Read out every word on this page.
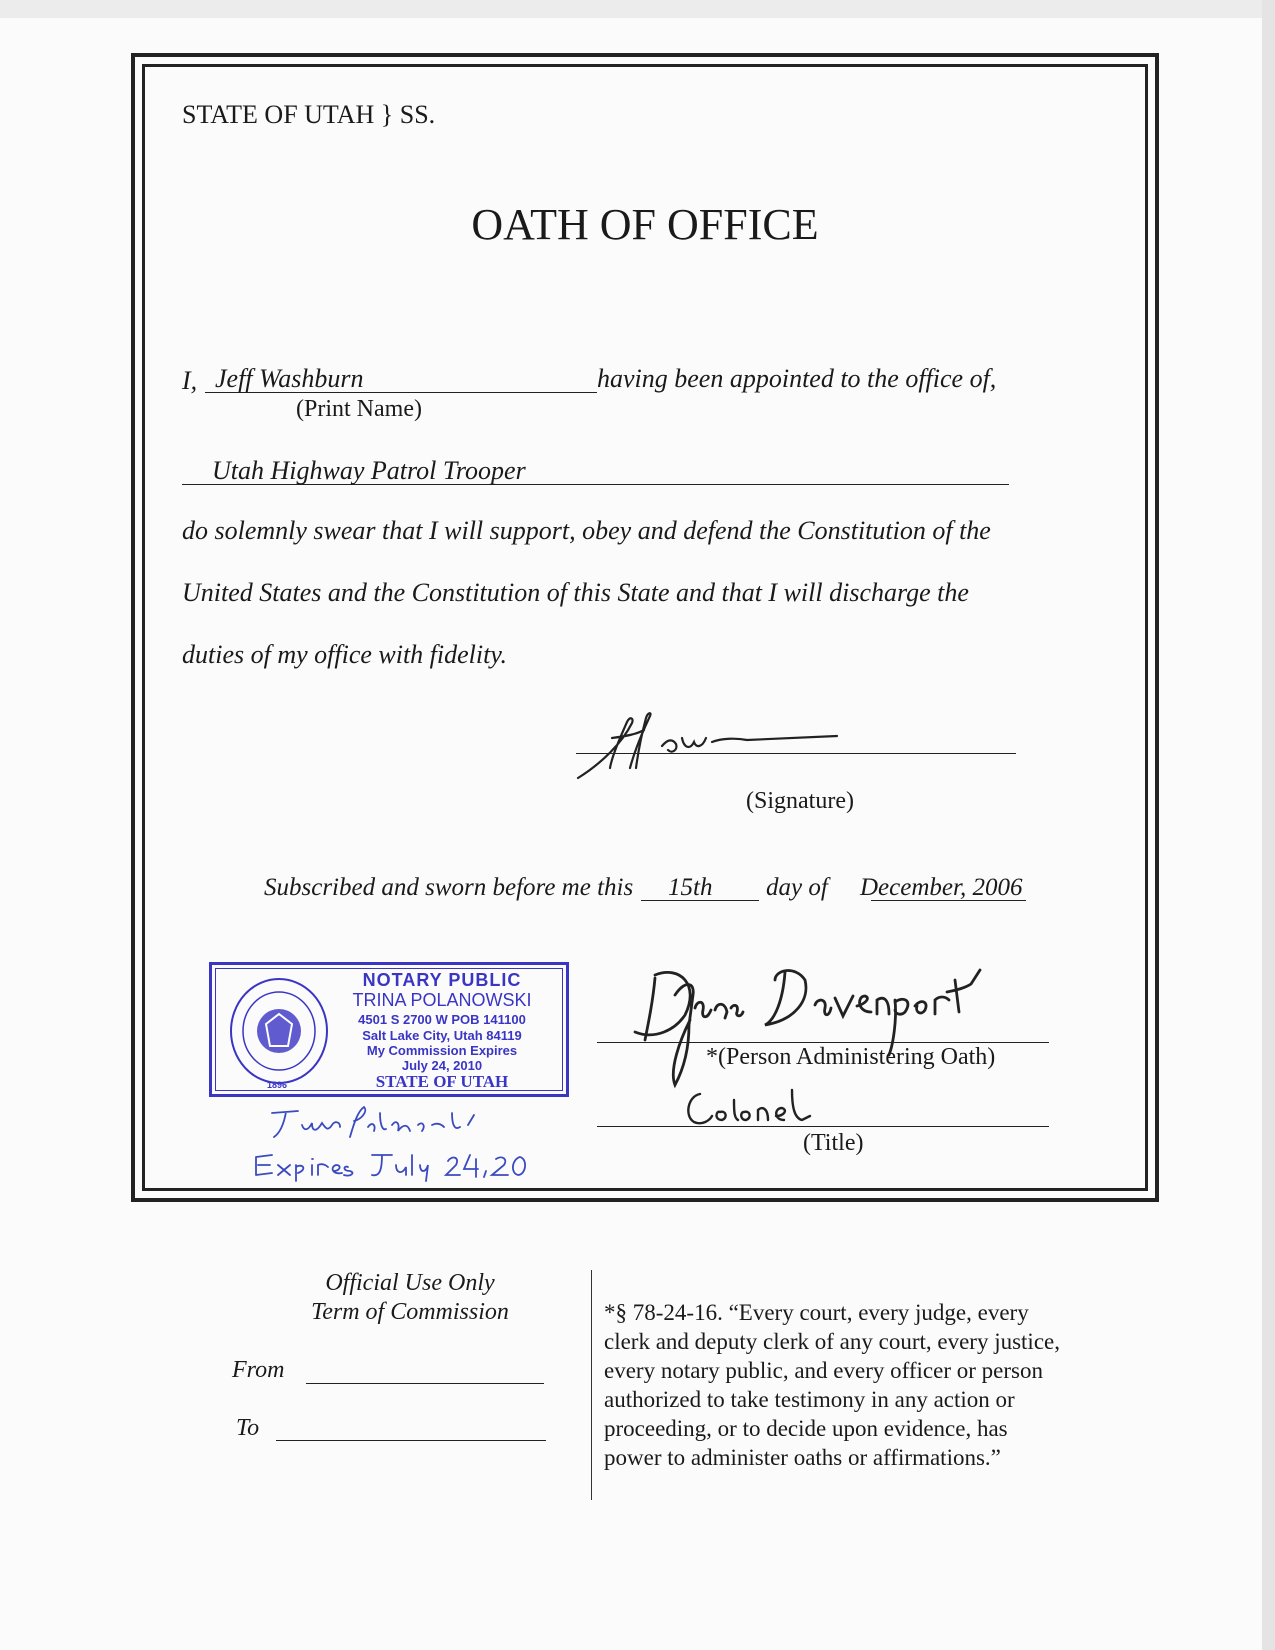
STATE OF UTAH } SS.
OATH OF OFFICE
I, Jeff Washburn	having been appointed to the office of,
(Print Name)
Utah Highway Patrol Trooper
do solemnly swear that I will support, obey and defend the Constitution of the
United States and the Constitution of this State and that I will discharge the
duties of my office with fidelity.
(Signature)
Subscribed and sworn before me this 15th day of December, 2006
1896
NOTARY PUBLIC
TRINA POLANOWSKI
4501 S 2700 W POB 141100
Salt Lake City, Utah 84119
My Commission Expires
July 24, 2010
STATE OF UTAH
*(Person Administering Oath)
(Title)
Official Use Only
Term of Commission
From
To
*§ 78-24-16. “Every court, every judge, every
clerk and deputy clerk of any court, every justice,
every notary public, and every officer or person
authorized to take testimony in any action or
proceeding, or to decide upon evidence, has
power to administer oaths or affirmations.”
